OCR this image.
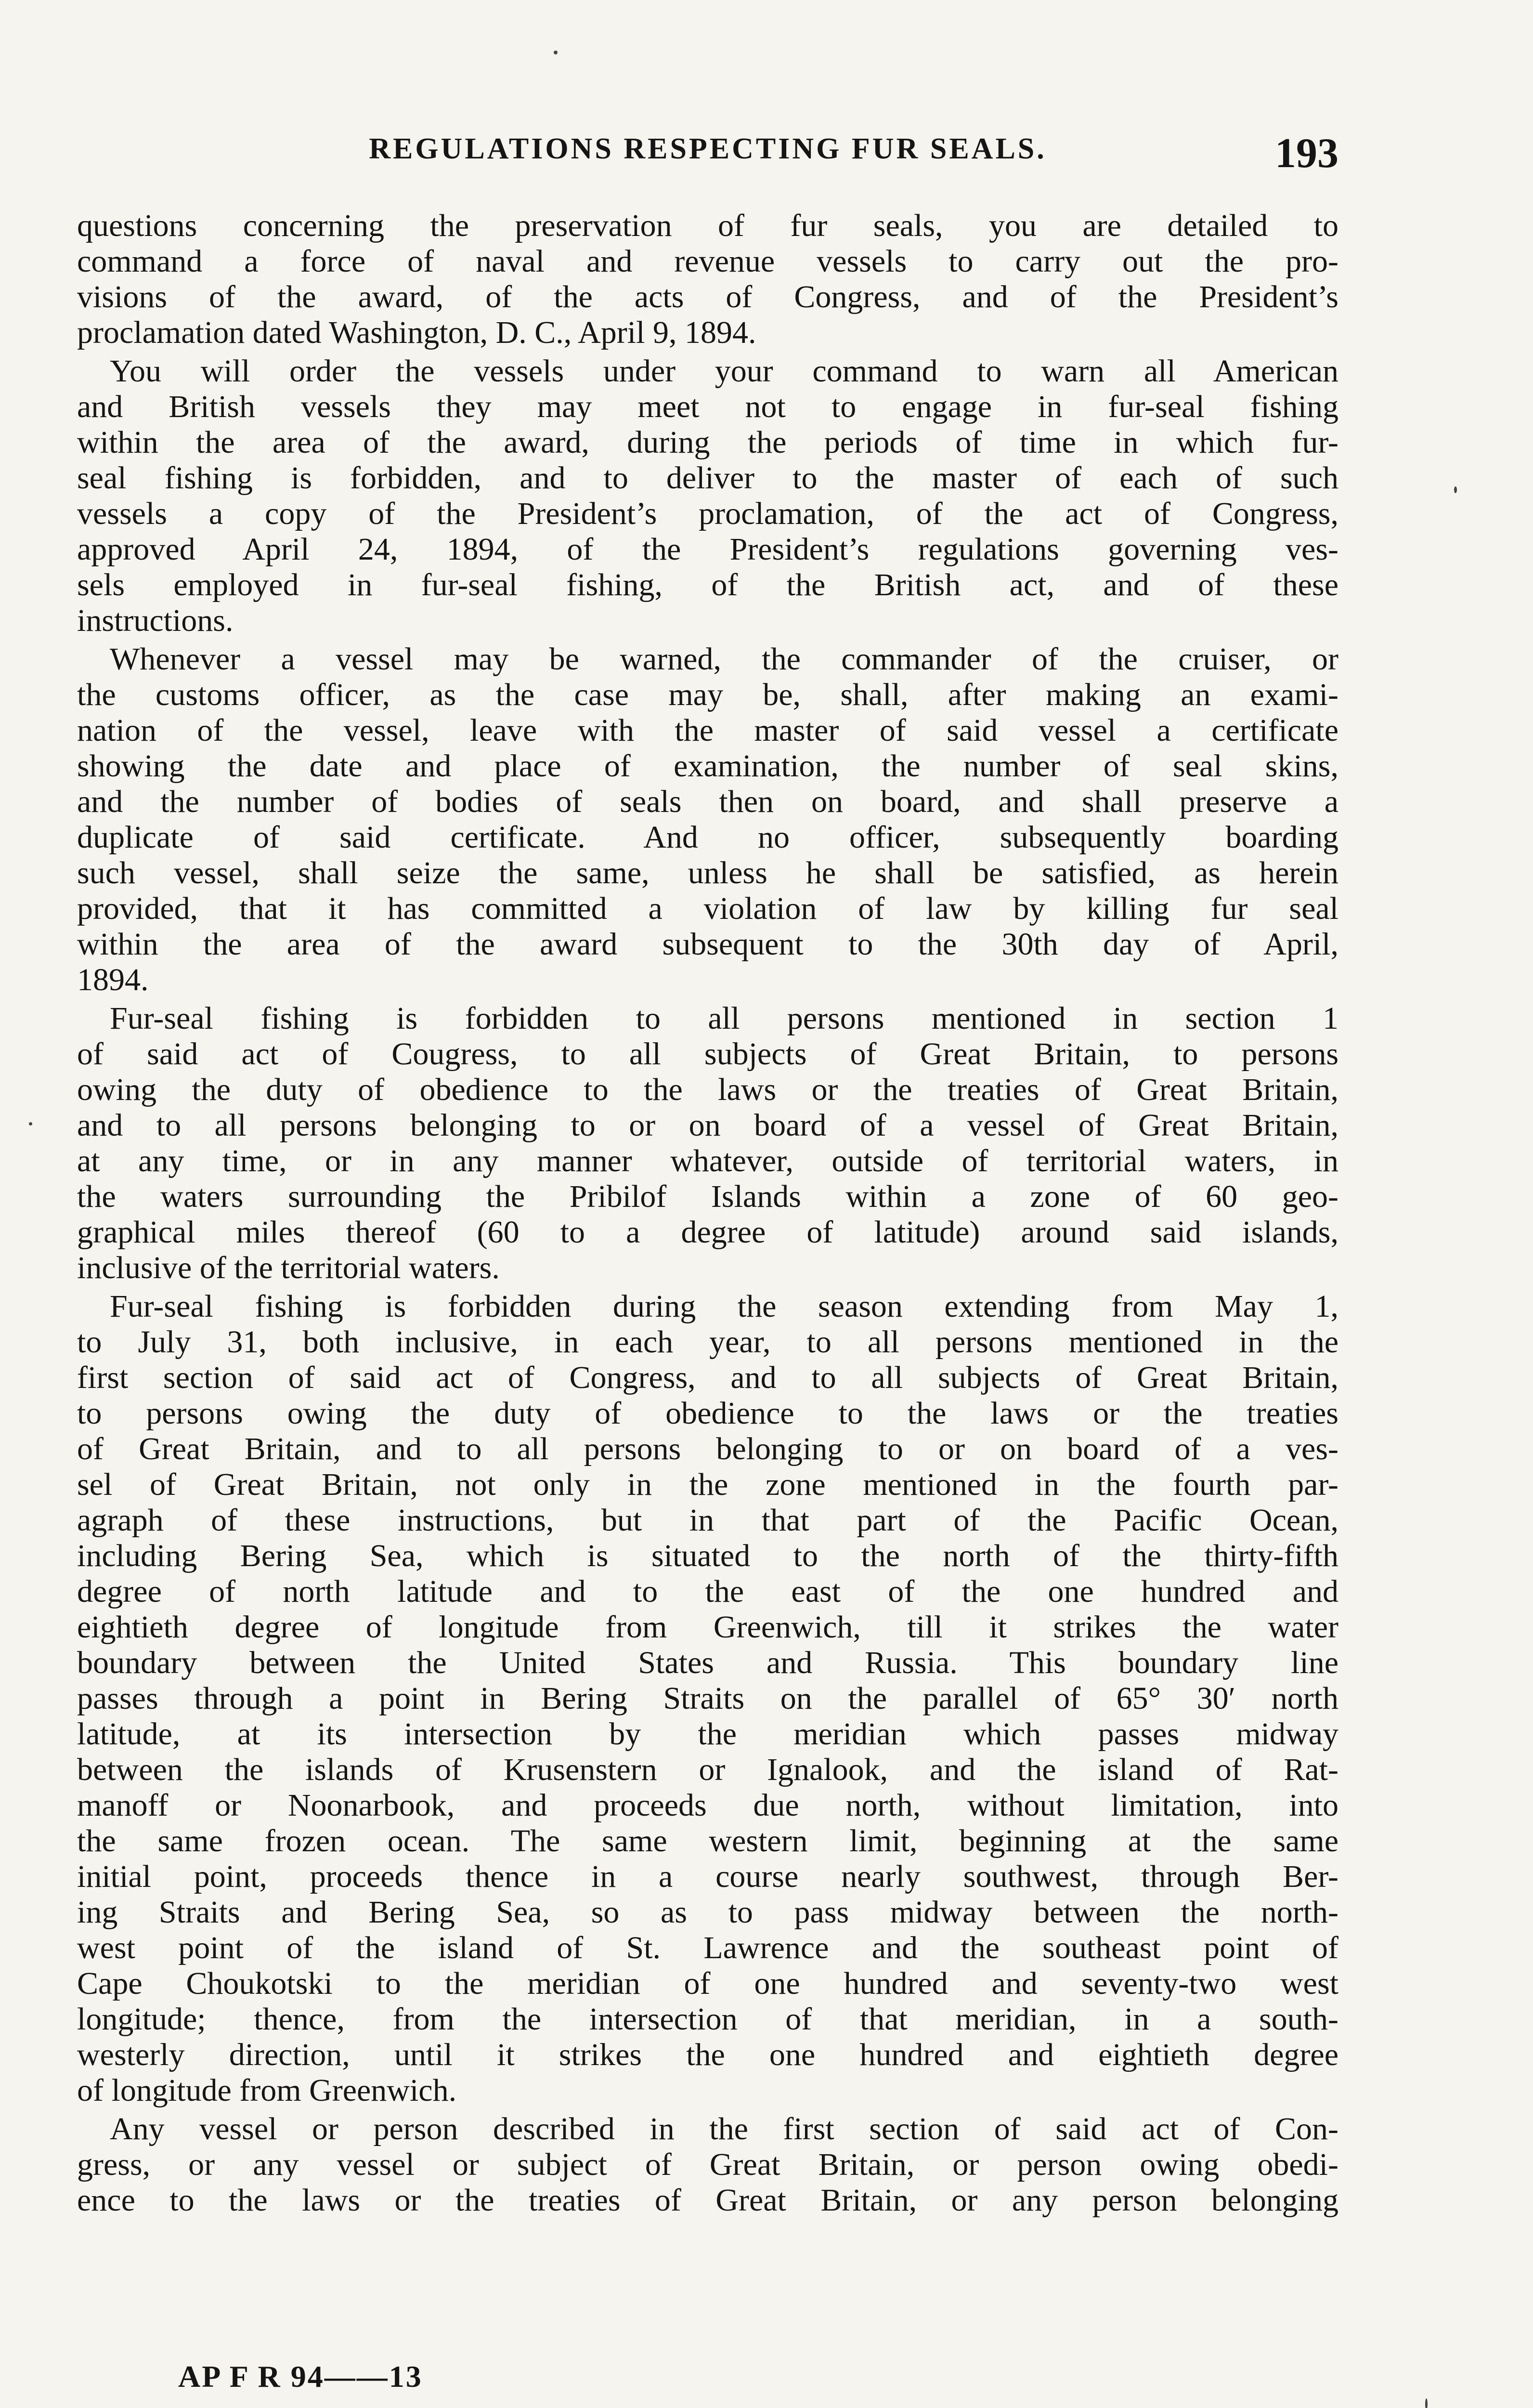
REGULATIONS RESPECTING FUR SEALS.	193

questions concerning the preservation of fur seals, you are detailed to
command a force of naval and revenue vessels to carry out the pro-
visions of the award, of the acts of Congress, and of the President’s
proclamation dated Washington, D. C., April 9, 1894.

You will order the vessels under your command to warn all American
and British vessels they may meet not to engage in fur-seal fishing
within the area of the award, during the periods of time in which fur-
seal fishing is forbidden, and to deliver to the master of each of such
vessels a copy of the President’s proclamation, of the act of Congress,
approved April 24, 1894, of the President’s regulations governing ves-
sels employed in fur-seal fishing, of the British act, and of these
instructions.

Whenever a vessel may be warned, the commander of the cruiser, or
the customs officer, as the case may be, shall, after making an exami-
nation of the vessel, leave with the master of said vessel a certificate
showing the date and place of examination, the number of seal skins,
and the number of bodies of seals then on board, and shall preserve a
duplicate of said certificate. And no officer, subsequently boarding
such vessel, shall seize the same, unless he shall be satisfied, as herein
provided, that it has committed a violation of law by killing fur seal
within the area of the award subsequent to the 30th day of April,
1894.

Fur-seal fishing is forbidden to all persons mentioned in section 1
of said act of Cougress, to all subjects of Great Britain, to persons
owing the duty of obedience to the laws or the treaties of Great Britain,
and to all persons belonging to or on board of a vessel of Great Britain,
at any time, or in any manner whatever, outside of territorial waters, in
the waters surrounding the Pribilof Islands within a zone of 60 geo-
graphical miles thereof (60 to a degree of latitude) around said islands,
inclusive of the territorial waters.

Fur-seal fishing is forbidden during the season extending from May 1,
to July 31, both inclusive, in each year, to all persons mentioned in the
first section of said act of Congress, and to all subjects of Great Britain,
to persons owing the duty of obedience to the laws or the treaties
of Great Britain, and to all persons belonging to or on board of a ves-
sel of Great Britain, not only in the zone mentioned in the fourth par-
agraph of these instructions, but in that part of the Pacific Ocean,
including Bering Sea, which is situated to the north of the thirty-fifth
degree of north latitude and to the east of the one hundred and
eightieth degree of longitude from Greenwich, till it strikes the water
boundary between the United States and Russia. This boundary line
passes through a point in Bering Straits on the parallel of 65° 30′ north
latitude, at its intersection by the meridian which passes midway
between the islands of Krusenstern or Ignalook, and the island of Rat-
manoff or Noonarbook, and proceeds due north, without limitation, into
the same frozen ocean. The same western limit, beginning at the same
initial point, proceeds thence in a course nearly southwest, through Ber-
ing Straits and Bering Sea, so as to pass midway between the north-
west point of the island of St. Lawrence and the southeast point of
Cape Choukotski to the meridian of one hundred and seventy-two west
longitude; thence, from the intersection of that meridian, in a south-
westerly direction, until it strikes the one hundred and eightieth degree
of longitude from Greenwich.

Any vessel or person described in the first section of said act of Con-
gress, or any vessel or subject of Great Britain, or person owing obedi-
ence to the laws or the treaties of Great Britain, or any person belonging

AP F R 94——13
